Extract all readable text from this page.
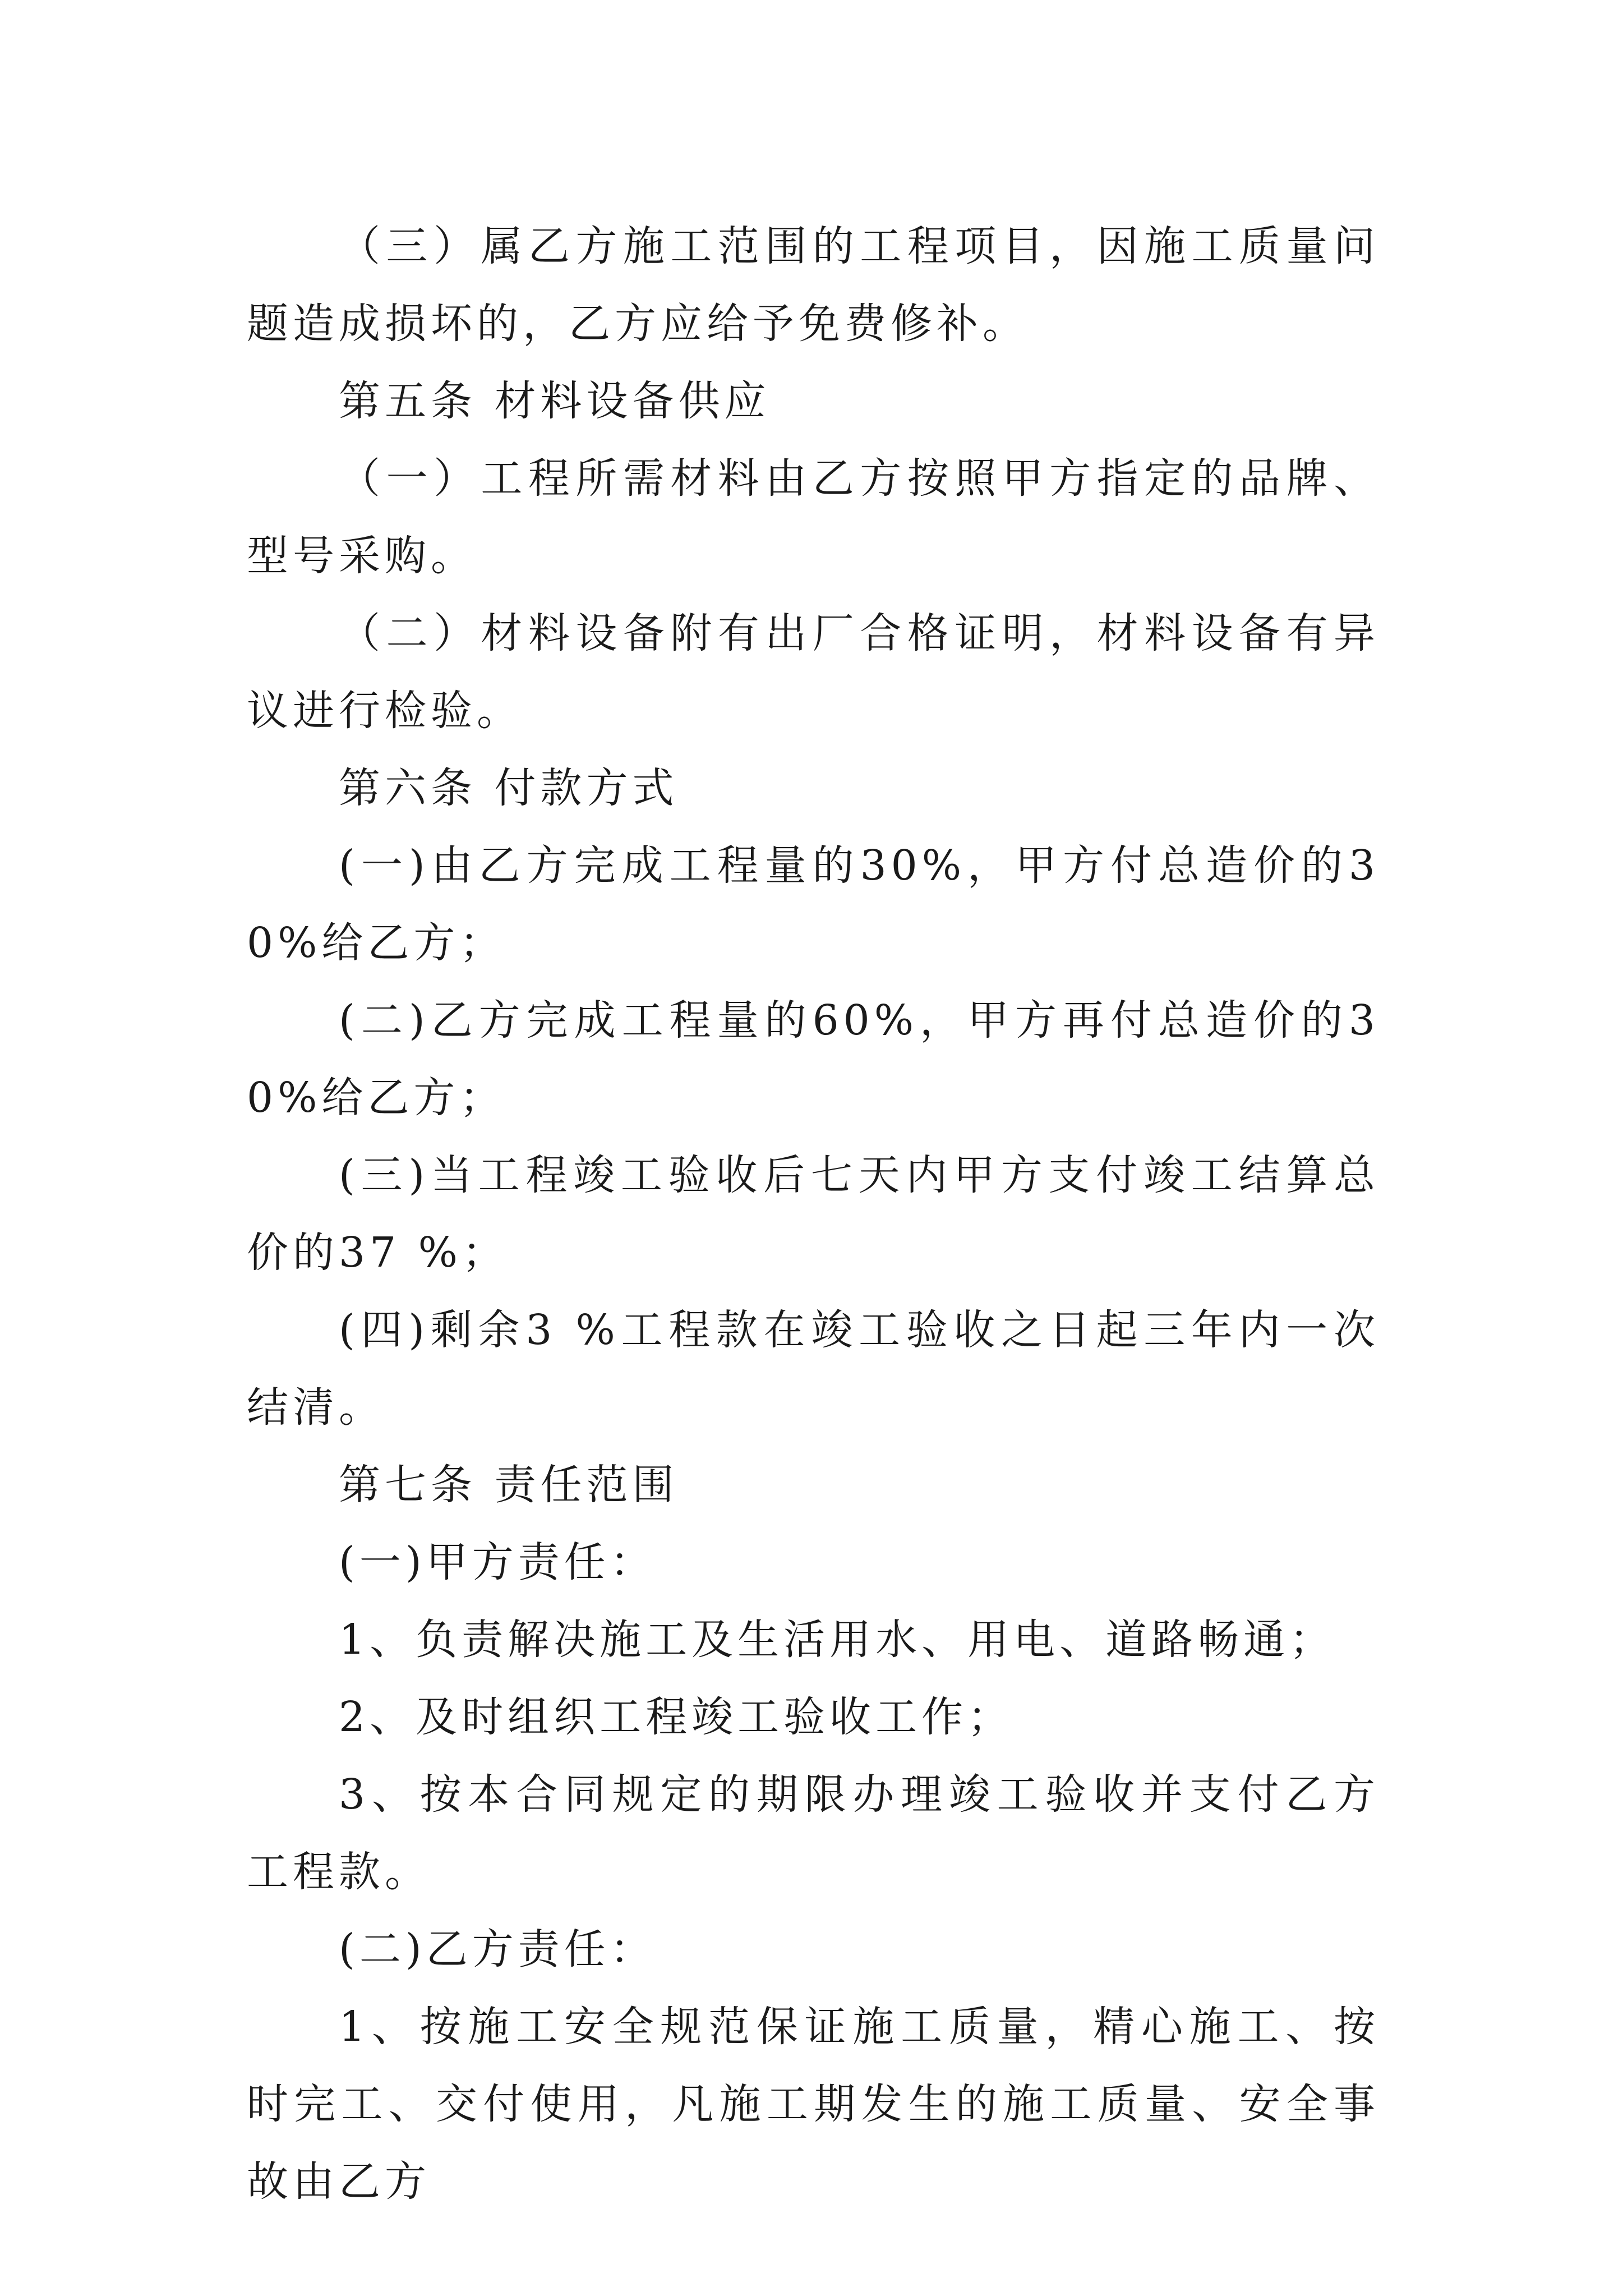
（三）属乙方施工范围的工程项目，因施工质量问题造成损坏的，乙方应给予免费修补。

第五条 材料设备供应

（一）工程所需材料由乙方按照甲方指定的品牌、型号采购。

（二）材料设备附有出厂合格证明，材料设备有异议进行检验。

第六条 付款方式

(一)由乙方完成工程量的30%，甲方付总造价的30%给乙方；

(二)乙方完成工程量的60%，甲方再付总造价的30%给乙方；

(三)当工程竣工验收后七天内甲方支付竣工结算总价的37 %；

(四)剩余3 %工程款在竣工验收之日起三年内一次结清。

第七条 责任范围

(一)甲方责任：

1、负责解决施工及生活用水、用电、道路畅通；

2、及时组织工程竣工验收工作；

3、按本合同规定的期限办理竣工验收并支付乙方工程款。

(二)乙方责任：

1、按施工安全规范保证施工质量，精心施工、按时完工、交付使用，凡施工期发生的施工质量、安全事故由乙方
